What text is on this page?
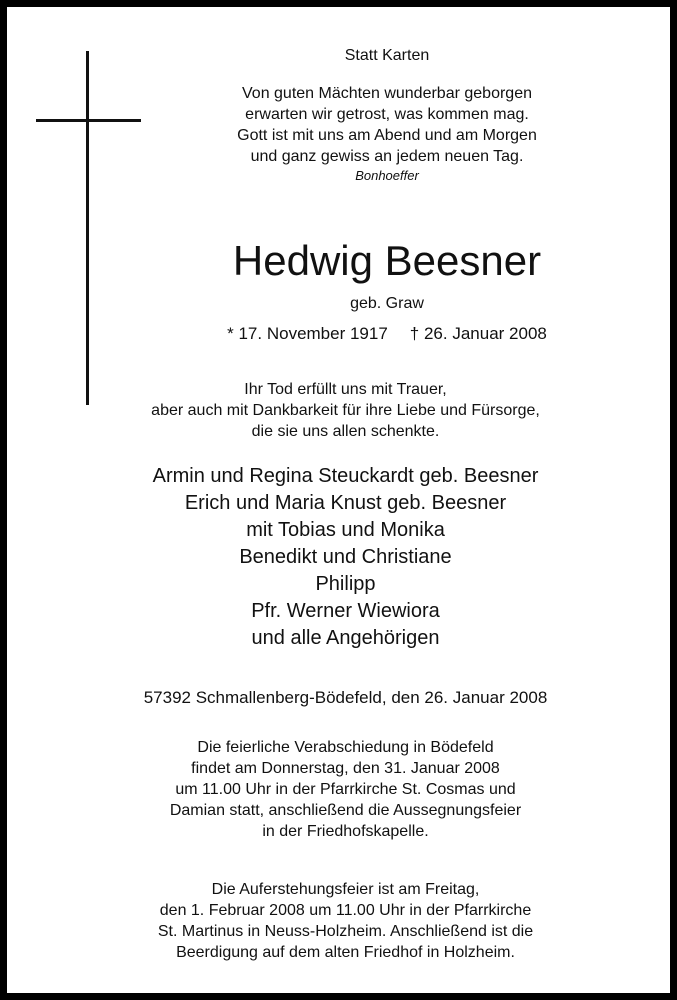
Statt Karten

Von guten Mächten wunderbar geborgen
erwarten wir getrost, was kommen mag.
Gott ist mit uns am Abend und am Morgen
und ganz gewiss an jedem neuen Tag.

Bonhoeffer

Hedwig Beesner

geb. Graw

* 17. November 1917 † 26. Januar 2008

Ihr Tod erfüllt uns mit Trauer,
aber auch mit Dankbarkeit für ihre Liebe und Fürsorge,
die sie uns allen schenkte.
Armin und Regina Steuckardt geb. Beesner
Erich und Maria Knust geb. Beesner
mit Tobias und Monika
Benedikt und Christiane
Philipp
Pfr. Werner Wiewiora
und alle Angehörigen

57392 Schmallenberg-Bödefeld, den 26. Januar 2008

Die feierliche Verabschiedung in Bödefeld
findet am Donnerstag, den 31. Januar 2008
um 11.00 Uhr in der Pfarrkirche St. Cosmas und
Damian statt, anschließend die Aussegnungsfeier
in der Friedhofskapelle.
Die Auferstehungsfeier ist am Freitag,
den 1. Februar 2008 um 11.00 Uhr in der Pfarrkirche
St. Martinus in Neuss-Holzheim. Anschließend ist die
Beerdigung auf dem alten Friedhof in Holzheim.
